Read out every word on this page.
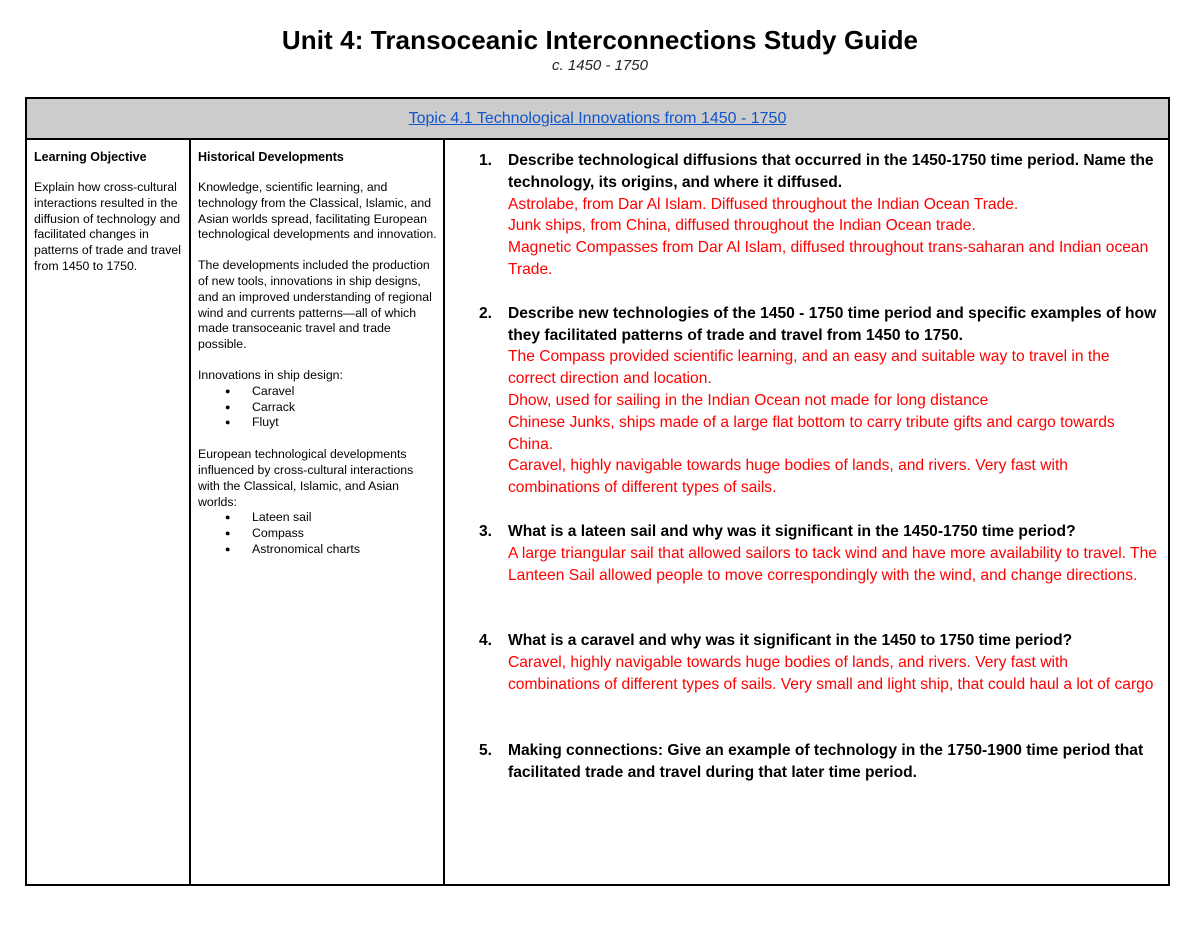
Unit 4: Transoceanic Interconnections Study Guide
c. 1450 - 1750
Topic 4.1 Technological Innovations from 1450 - 1750
Learning Objective
Explain how cross-cultural interactions resulted in the diffusion of technology and facilitated changes in patterns of trade and travel from 1450 to 1750.
Historical Developments
Knowledge, scientific learning, and technology from the Classical, Islamic, and Asian worlds spread, facilitating European technological developments and innovation.
The developments included the production of new tools, innovations in ship designs, and an improved understanding of regional wind and currents patterns—all of which made transoceanic travel and trade possible.
Innovations in ship design:
● Caravel
● Carrack
● Fluyt
European technological developments influenced by cross-cultural interactions with the Classical, Islamic, and Asian worlds:
● Lateen sail
● Compass
● Astronomical charts
1. Describe technological diffusions that occurred in the 1450-1750 time period. Name the technology, its origins, and where it diffused.
Astrolabe, from Dar Al Islam. Diffused throughout the Indian Ocean Trade.
Junk ships, from China, diffused throughout the Indian Ocean trade.
Magnetic Compasses from Dar Al Islam, diffused throughout trans-saharan and Indian ocean Trade.
2. Describe new technologies of the 1450 - 1750 time period and specific examples of how they facilitated patterns of trade and travel from 1450 to 1750.
The Compass provided scientific learning, and an easy and suitable way to travel in the correct direction and location.
Dhow, used for sailing in the Indian Ocean not made for long distance
Chinese Junks, ships made of a large flat bottom to carry tribute gifts and cargo towards China.
Caravel, highly navigable towards huge bodies of lands, and rivers. Very fast with combinations of different types of sails.
3. What is a lateen sail and why was it significant in the 1450-1750 time period?
A large triangular sail that allowed sailors to tack wind and have more availability to travel. The Lanteen Sail allowed people to move correspondingly with the wind, and change directions.
4. What is a caravel and why was it significant in the 1450 to 1750 time period?
Caravel, highly navigable towards huge bodies of lands, and rivers. Very fast with combinations of different types of sails. Very small and light ship, that could haul a lot of cargo
5. Making connections: Give an example of technology in the 1750-1900 time period that facilitated trade and travel during that later time period.
